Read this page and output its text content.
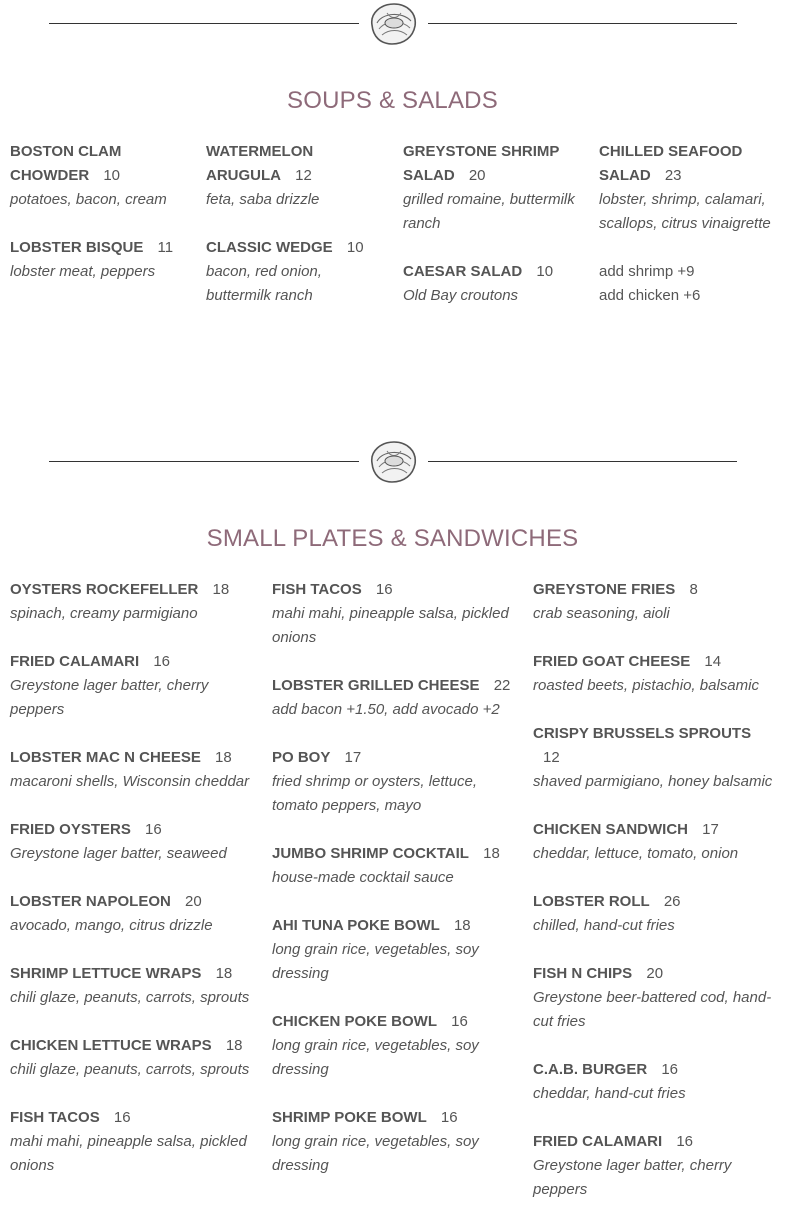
SOUPS & SALADS
BOSTON CLAM CHOWDER 10
potatoes, bacon, cream
LOBSTER BISQUE 11
lobster meat, peppers
WATERMELON ARUGULA 12
feta, saba drizzle
CLASSIC WEDGE 10
bacon, red onion, buttermilk ranch
GREYSTONE SHRIMP SALAD 20
grilled romaine, buttermilk ranch
CAESAR SALAD 10
Old Bay croutons
CHILLED SEAFOOD SALAD 23
lobster, shrimp, calamari, scallops, citrus vinaigrette
add shrimp +9
add chicken +6
SMALL PLATES & SANDWICHES
OYSTERS ROCKEFELLER 18
spinach, creamy parmigiano
FRIED CALAMARI 16
Greystone lager batter, cherry peppers
LOBSTER MAC N CHEESE 18
macaroni shells, Wisconsin cheddar
FRIED OYSTERS 16
Greystone lager batter, seaweed
LOBSTER NAPOLEON 20
avocado, mango, citrus drizzle
SHRIMP LETTUCE WRAPS 18
chili glaze, peanuts, carrots, sprouts
CHICKEN LETTUCE WRAPS 18
chili glaze, peanuts, carrots, sprouts
FISH TACOS 16
mahi mahi, pineapple salsa, pickled onions
FISH TACOS 16
mahi mahi, pineapple salsa, pickled onions
LOBSTER GRILLED CHEESE 22
add bacon +1.50, add avocado +2
PO BOY 17
fried shrimp or oysters, lettuce, tomato peppers, mayo
JUMBO SHRIMP COCKTAIL 18
house-made cocktail sauce
AHI TUNA POKE BOWL 18
long grain rice, vegetables, soy dressing
CHICKEN POKE BOWL 16
long grain rice, vegetables, soy dressing
SHRIMP POKE BOWL 16
long grain rice, vegetables, soy dressing
GREYSTONE FRIES 8
crab seasoning, aioli
FRIED GOAT CHEESE 14
roasted beets, pistachio, balsamic
CRISPY BRUSSELS SPROUTS 12
shaved parmigiano, honey balsamic
CHICKEN SANDWICH 17
cheddar, lettuce, tomato, onion
LOBSTER ROLL 26
chilled, hand-cut fries
FISH N CHIPS 20
Greystone beer-battered cod, hand-cut fries
C.A.B. BURGER 16
cheddar, hand-cut fries
FRIED CALAMARI 16
Greystone lager batter, cherry peppers
